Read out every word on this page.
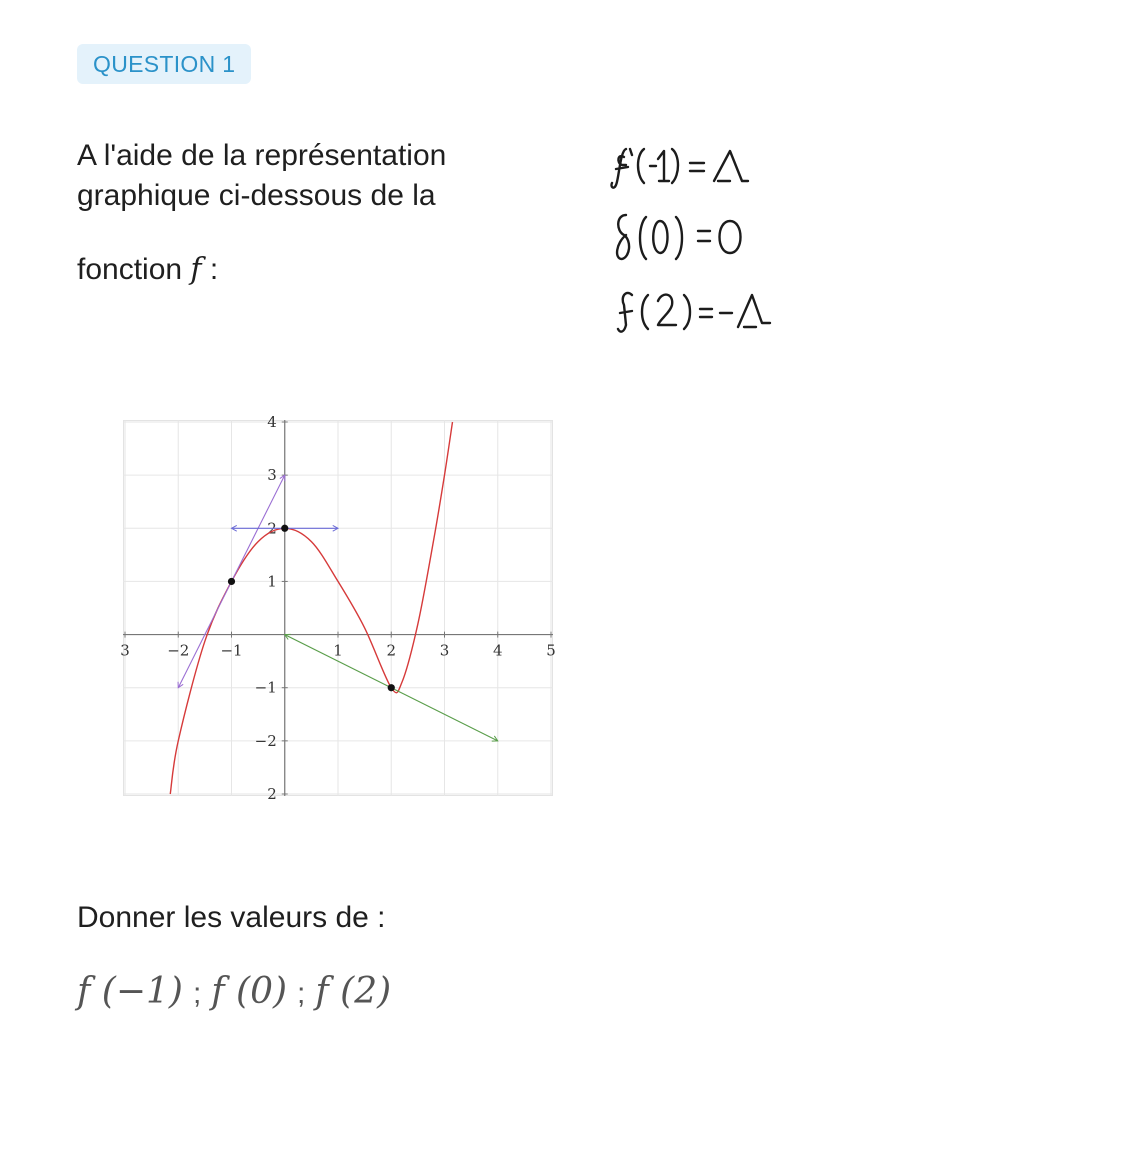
QUESTION 1
A l'aide de la représentation graphique ci-dessous de la
fonction f :
3 −2 −1	1	2	3	4	5
4
3
2
1
−1
−2
2
Donner les valeurs de :
f (−1) ; f (0) ; f (2)
